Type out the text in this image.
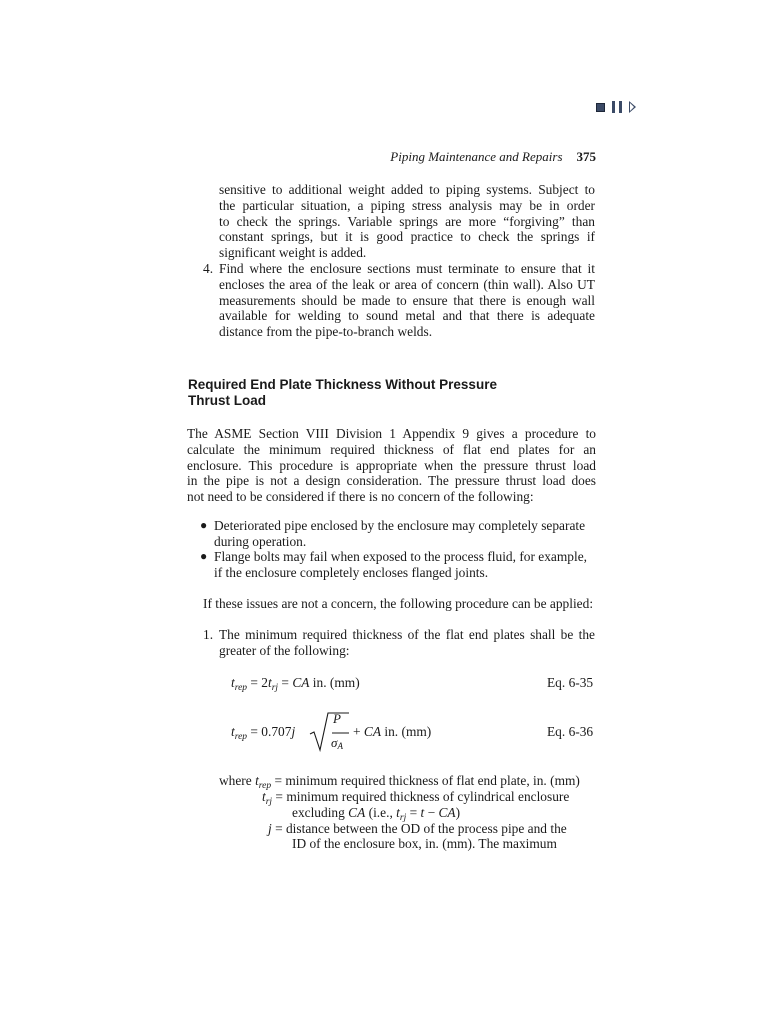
Piping Maintenance and Repairs 375
sensitive to additional weight added to piping systems. Subject to
the particular situation, a piping stress analysis may be in order
to check the springs. Variable springs are more “forgiving” than
constant springs, but it is good practice to check the springs if
significant weight is added.
4. Find where the enclosure sections must terminate to ensure that it
encloses the area of the leak or area of concern (thin wall). Also UT
measurements should be made to ensure that there is enough wall
available for welding to sound metal and that there is adequate
distance from the pipe-to-branch welds.
Required End Plate Thickness Without Pressure
Thrust Load
The ASME Section VIII Division 1 Appendix 9 gives a procedure to
calculate the minimum required thickness of flat end plates for an
enclosure. This procedure is appropriate when the pressure thrust load
in the pipe is not a design consideration. The pressure thrust load does
not need to be considered if there is no concern of the following:
● Deteriorated pipe enclosed by the enclosure may completely separate
during operation.
● Flange bolts may fail when exposed to the process fluid, for example,
if the enclosure completely encloses flanged joints.
If these issues are not a concern, the following procedure can be applied:
1. The minimum required thickness of the flat end plates shall be the
greater of the following:
$t_{rep} = 2t_{rj}$ = CA in. (mm)	Eq. 6-35
$t_{rep} = 0.707j$
P
$\sigma_A$
+ CA in. (mm)	Eq. 6-36
where $t_{rep}$ = minimum required thickness of flat end plate, in. (mm)
$t_{rj}$ = minimum required thickness of cylindrical enclosure
excluding CA (i.e., $t_{rj} = t - CA$)
j = distance between the OD of the process pipe and the
ID of the enclosure box, in. (mm). The maximum
